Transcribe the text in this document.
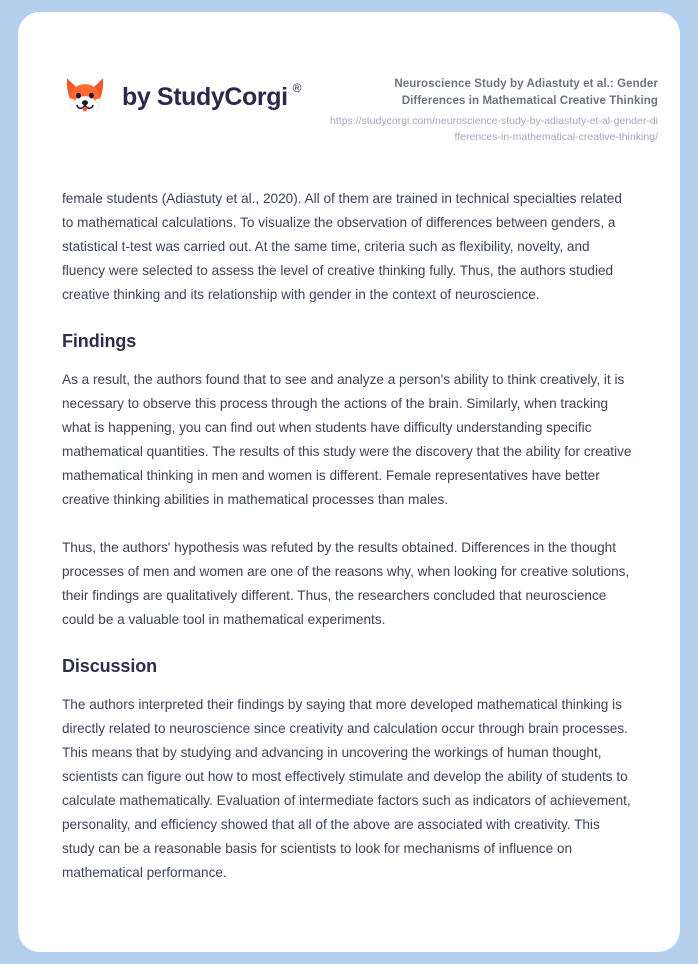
by StudyCorgi ®	Neuroscience Study by Adiastuty et al.: Gender Differences in Mathematical Creative Thinking
https://studycorgi.com/neuroscience-study-by-adiastuty-et-al-gender-differences-in-mathematical-creative-thinking/

female students (Adiastuty et al., 2020). All of them are trained in technical specialties related to mathematical calculations. To visualize the observation of differences between genders, a statistical t-test was carried out. At the same time, criteria such as flexibility, novelty, and fluency were selected to assess the level of creative thinking fully. Thus, the authors studied creative thinking and its relationship with gender in the context of neuroscience.

Findings

As a result, the authors found that to see and analyze a person's ability to think creatively, it is necessary to observe this process through the actions of the brain. Similarly, when tracking what is happening, you can find out when students have difficulty understanding specific mathematical quantities. The results of this study were the discovery that the ability for creative mathematical thinking in men and women is different. Female representatives have better creative thinking abilities in mathematical processes than males.

Thus, the authors' hypothesis was refuted by the results obtained. Differences in the thought processes of men and women are one of the reasons why, when looking for creative solutions, their findings are qualitatively different. Thus, the researchers concluded that neuroscience could be a valuable tool in mathematical experiments.

Discussion

The authors interpreted their findings by saying that more developed mathematical thinking is directly related to neuroscience since creativity and calculation occur through brain processes. This means that by studying and advancing in uncovering the workings of human thought, scientists can figure out how to most effectively stimulate and develop the ability of students to calculate mathematically. Evaluation of intermediate factors such as indicators of achievement, personality, and efficiency showed that all of the above are associated with creativity. This study can be a reasonable basis for scientists to look for mechanisms of influence on mathematical performance.
